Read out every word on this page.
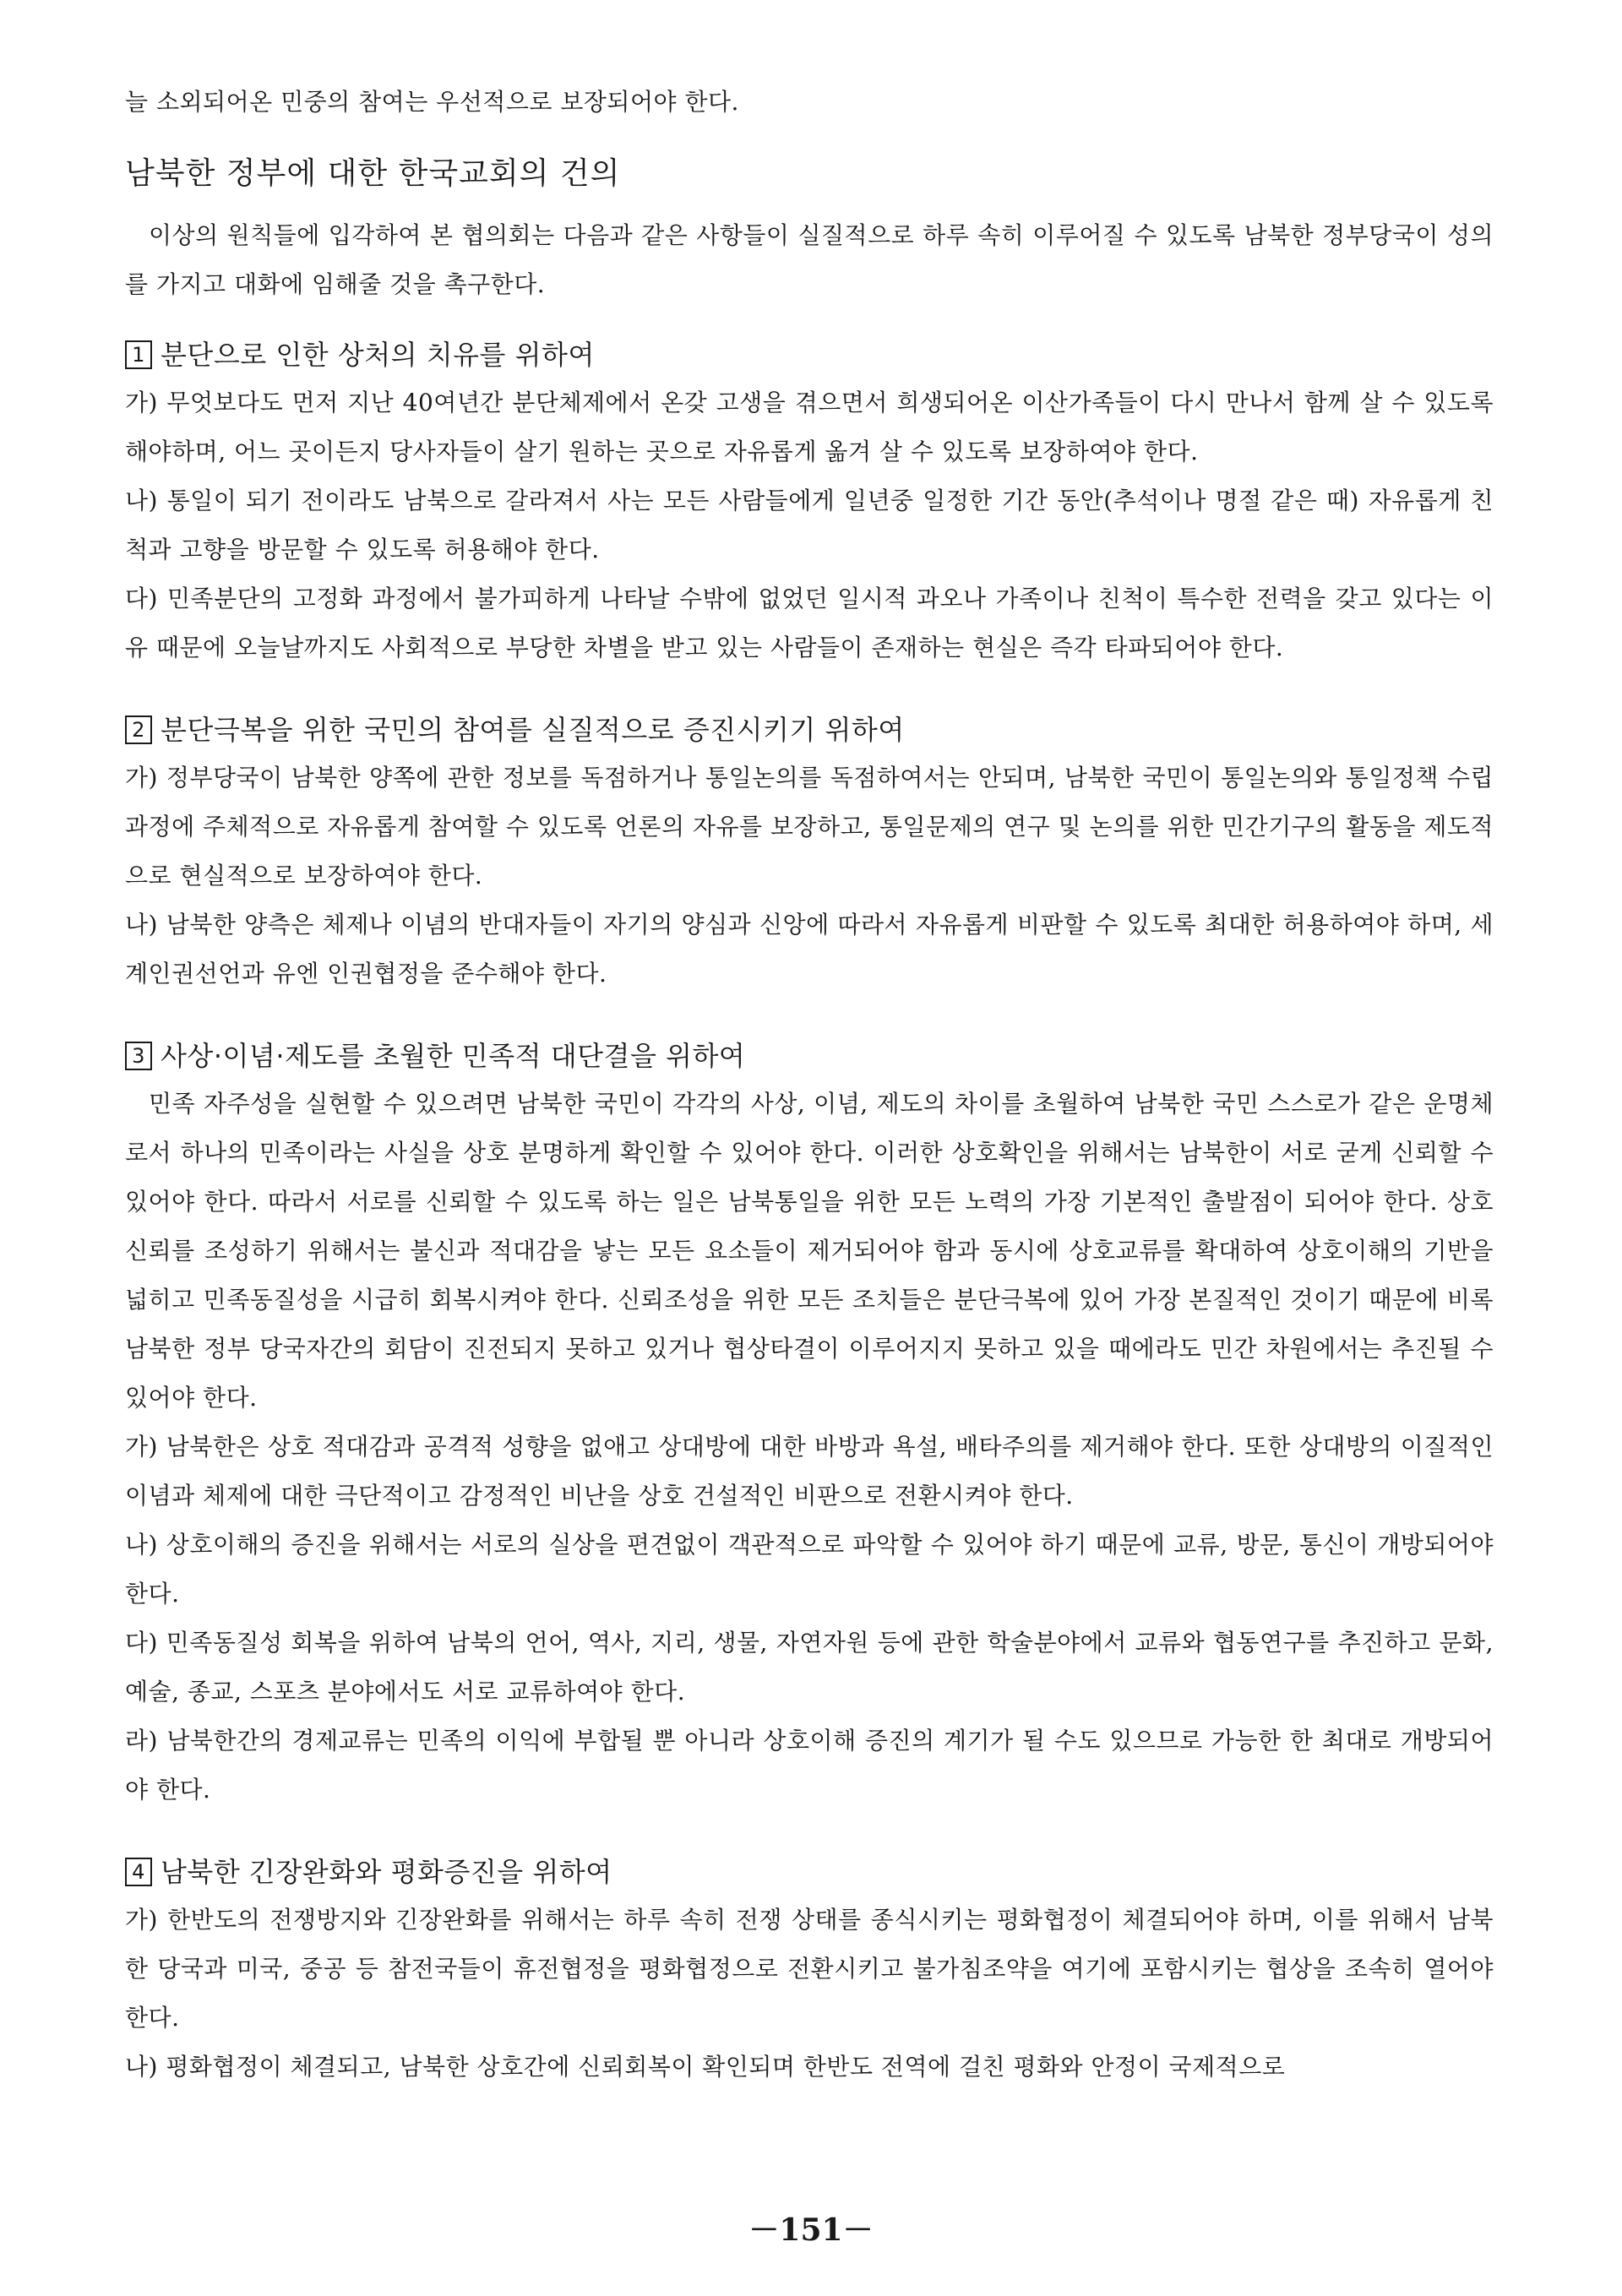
늘 소외되어온 민중의 참여는 우선적으로 보장되어야 한다.

남북한 정부에 대한 한국교회의 건의

이상의 원칙들에 입각하여 본 협의회는 다음과 같은 사항들이 실질적으로 하루 속히 이루어질 수 있도록 남북한 정부당국이 성의를 가지고 대화에 임해줄 것을 촉구한다.

1 분단으로 인한 상처의 치유를 위하여

가) 무엇보다도 먼저 지난 40여년간 분단체제에서 온갖 고생을 겪으면서 희생되어온 이산가족들이 다시 만나서 함께 살 수 있도록 해야하며, 어느 곳이든지 당사자들이 살기 원하는 곳으로 자유롭게 옮겨 살 수 있도록 보장하여야 한다.

나) 통일이 되기 전이라도 남북으로 갈라져서 사는 모든 사람들에게 일년중 일정한 기간 동안(추석이나 명절 같은 때) 자유롭게 친척과 고향을 방문할 수 있도록 허용해야 한다.

다) 민족분단의 고정화 과정에서 불가피하게 나타날 수밖에 없었던 일시적 과오나 가족이나 친척이 특수한 전력을 갖고 있다는 이유 때문에 오늘날까지도 사회적으로 부당한 차별을 받고 있는 사람들이 존재하는 현실은 즉각 타파되어야 한다.

2 분단극복을 위한 국민의 참여를 실질적으로 증진시키기 위하여

가) 정부당국이 남북한 양쪽에 관한 정보를 독점하거나 통일논의를 독점하여서는 안되며, 남북한 국민이 통일논의와 통일정책 수립 과정에 주체적으로 자유롭게 참여할 수 있도록 언론의 자유를 보장하고, 통일문제의 연구 및 논의를 위한 민간기구의 활동을 제도적으로 현실적으로 보장하여야 한다.

나) 남북한 양측은 체제나 이념의 반대자들이 자기의 양심과 신앙에 따라서 자유롭게 비판할 수 있도록 최대한 허용하여야 하며, 세계인권선언과 유엔 인권협정을 준수해야 한다.

3 사상·이념·제도를 초월한 민족적 대단결을 위하여

민족 자주성을 실현할 수 있으려면 남북한 국민이 각각의 사상, 이념, 제도의 차이를 초월하여 남북한 국민 스스로가 같은 운명체로서 하나의 민족이라는 사실을 상호 분명하게 확인할 수 있어야 한다. 이러한 상호확인을 위해서는 남북한이 서로 굳게 신뢰할 수 있어야 한다. 따라서 서로를 신뢰할 수 있도록 하는 일은 남북통일을 위한 모든 노력의 가장 기본적인 출발점이 되어야 한다. 상호신뢰를 조성하기 위해서는 불신과 적대감을 낳는 모든 요소들이 제거되어야 함과 동시에 상호교류를 확대하여 상호이해의 기반을 넓히고 민족동질성을 시급히 회복시켜야 한다. 신뢰조성을 위한 모든 조치들은 분단극복에 있어 가장 본질적인 것이기 때문에 비록 남북한 정부 당국자간의 회담이 진전되지 못하고 있거나 협상타결이 이루어지지 못하고 있을 때에라도 민간 차원에서는 추진될 수 있어야 한다.

가) 남북한은 상호 적대감과 공격적 성향을 없애고 상대방에 대한 바방과 욕설, 배타주의를 제거해야 한다. 또한 상대방의 이질적인 이념과 체제에 대한 극단적이고 감정적인 비난을 상호 건설적인 비판으로 전환시켜야 한다.

나) 상호이해의 증진을 위해서는 서로의 실상을 편견없이 객관적으로 파악할 수 있어야 하기 때문에 교류, 방문, 통신이 개방되어야 한다.

다) 민족동질성 회복을 위하여 남북의 언어, 역사, 지리, 생물, 자연자원 등에 관한 학술분야에서 교류와 협동연구를 추진하고 문화, 예술, 종교, 스포츠 분야에서도 서로 교류하여야 한다.

라) 남북한간의 경제교류는 민족의 이익에 부합될 뿐 아니라 상호이해 증진의 계기가 될 수도 있으므로 가능한 한 최대로 개방되어야 한다.

4 남북한 긴장완화와 평화증진을 위하여

가) 한반도의 전쟁방지와 긴장완화를 위해서는 하루 속히 전쟁 상태를 종식시키는 평화협정이 체결되어야 하며, 이를 위해서 남북한 당국과 미국, 중공 등 참전국들이 휴전협정을 평화협정으로 전환시키고 불가침조약을 여기에 포함시키는 협상을 조속히 열어야 한다.

나) 평화협정이 체결되고, 남북한 상호간에 신뢰회복이 확인되며 한반도 전역에 걸친 평화와 안정이 국제적으로

－151－
